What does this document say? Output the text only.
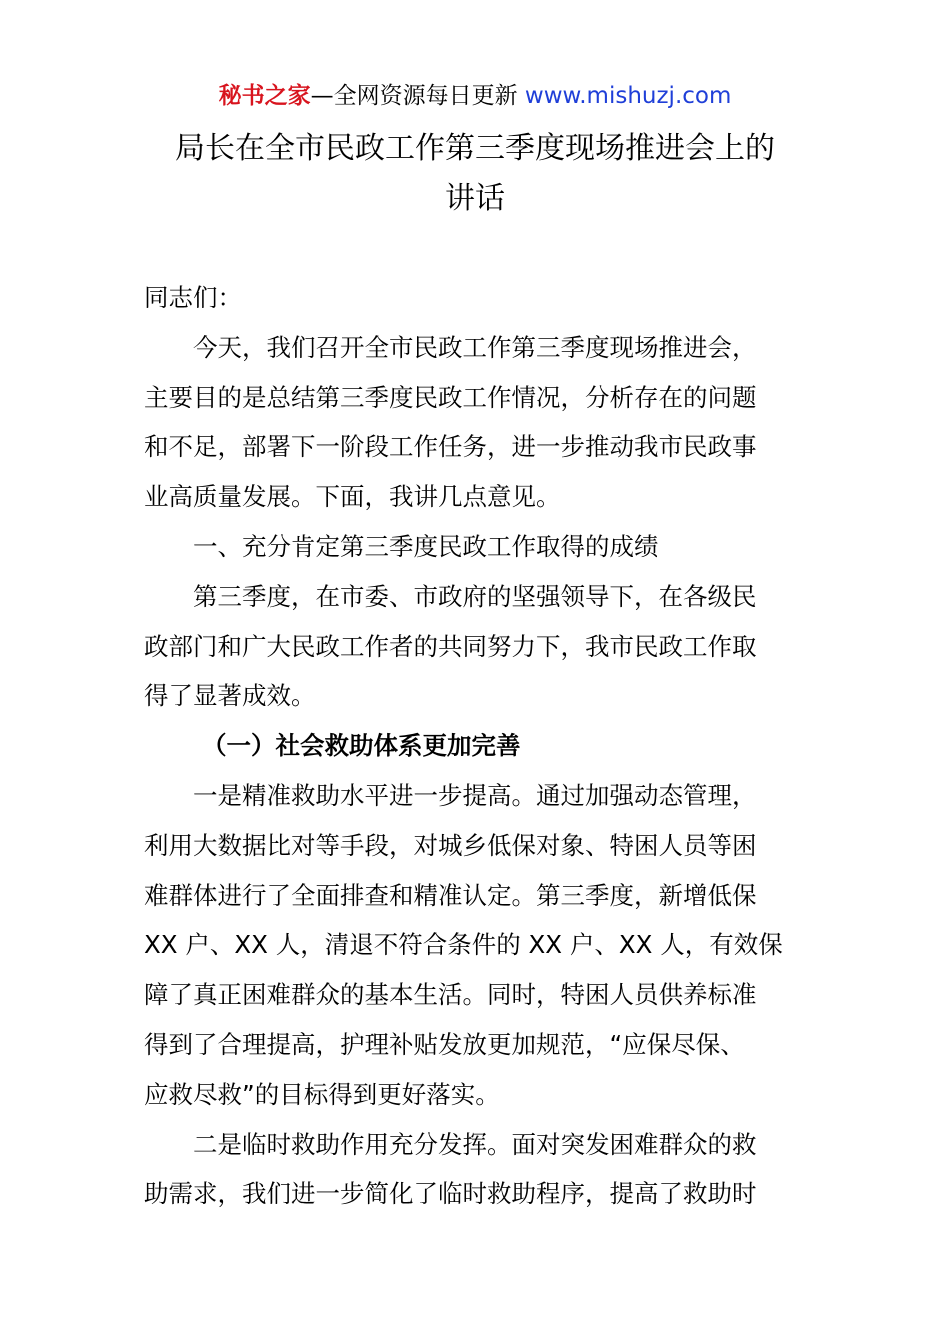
秘书之家—全网资源每日更新 www.mishuzj.com
局长在全市民政工作第三季度现场推进会上的
讲话
同志们：
今天，我们召开全市民政工作第三季度现场推进会，
主要目的是总结第三季度民政工作情况，分析存在的问题
和不足，部署下一阶段工作任务，进一步推动我市民政事
业高质量发展。下面，我讲几点意见。
一、充分肯定第三季度民政工作取得的成绩
第三季度，在市委、市政府的坚强领导下，在各级民
政部门和广大民政工作者的共同努力下，我市民政工作取
得了显著成效。
（一）社会救助体系更加完善
一是精准救助水平进一步提高。通过加强动态管理，
利用大数据比对等手段，对城乡低保对象、特困人员等困
难群体进行了全面排查和精准认定。第三季度，新增低保
XX 户、XX 人，清退不符合条件的 XX 户、XX 人，有效保
障了真正困难群众的基本生活。同时，特困人员供养标准
得到了合理提高，护理补贴发放更加规范，“应保尽保、
应救尽救”的目标得到更好落实。
二是临时救助作用充分发挥。面对突发困难群众的救
助需求，我们进一步简化了临时救助程序，提高了救助时
